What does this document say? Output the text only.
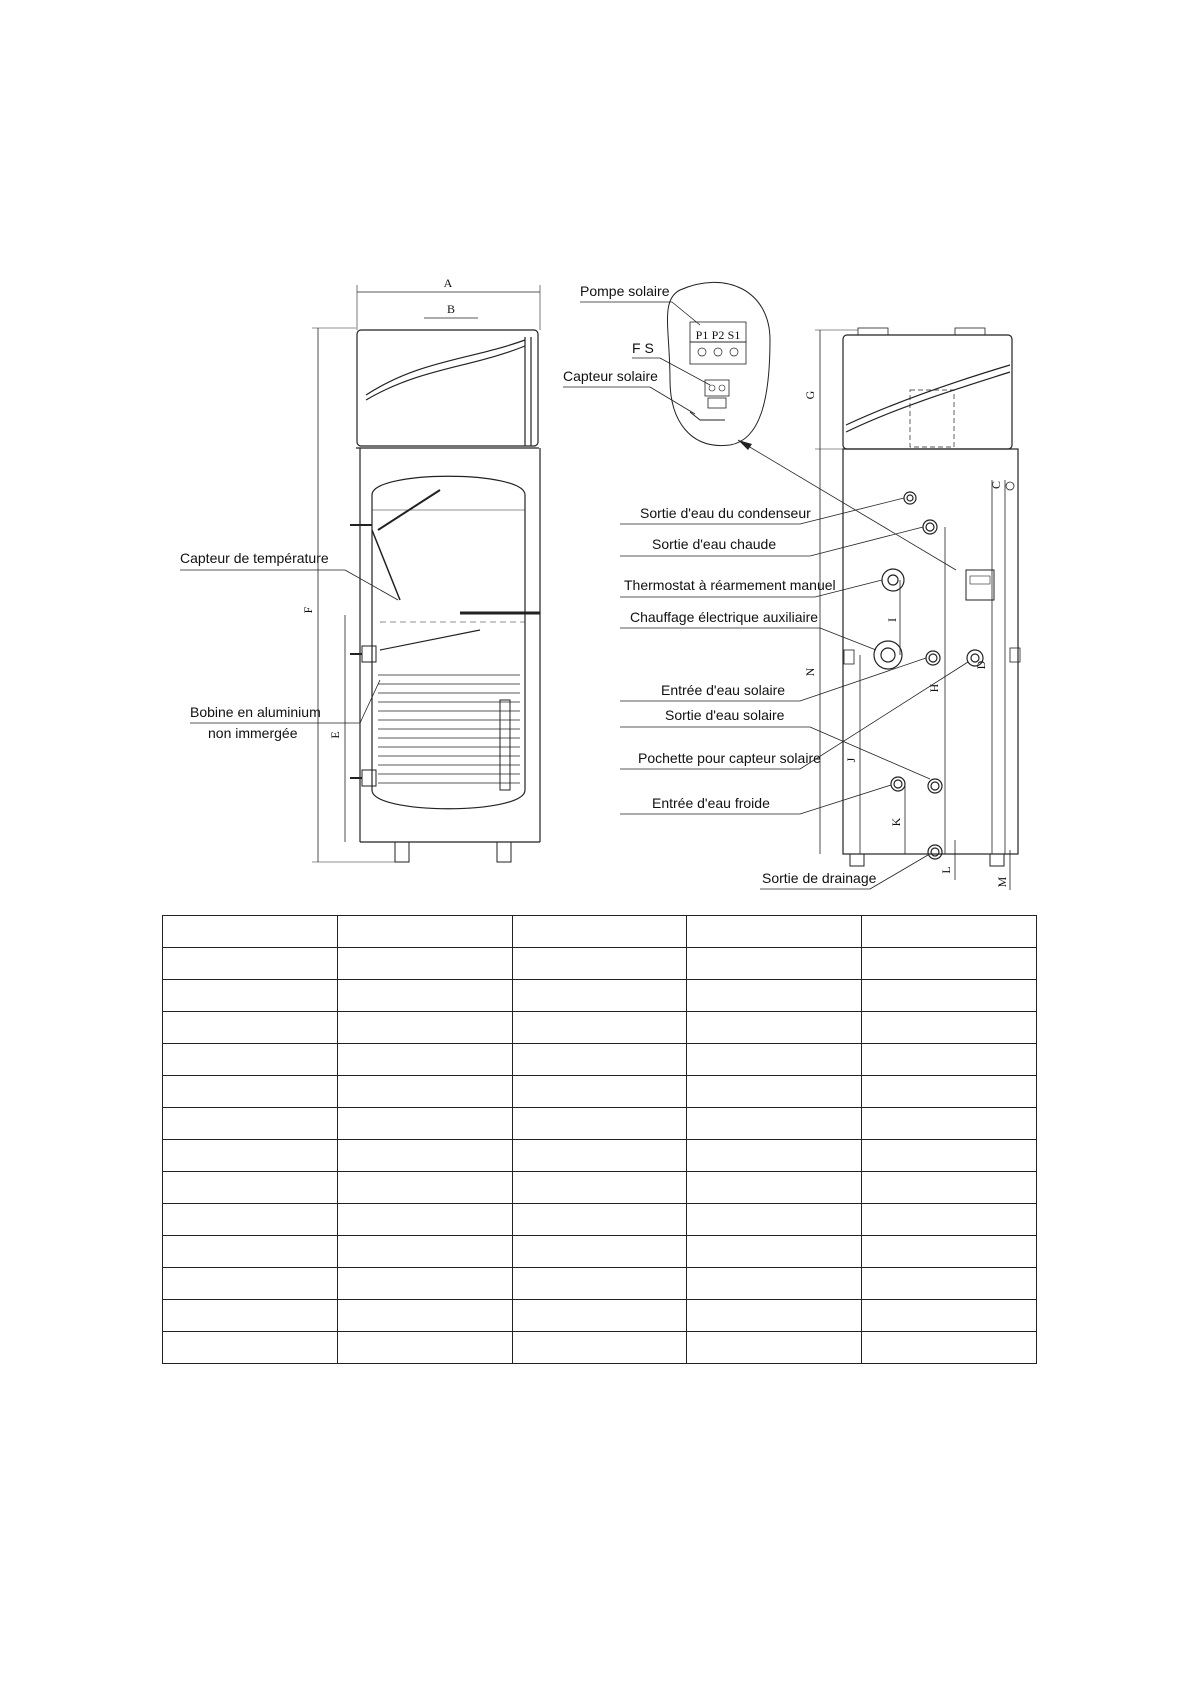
A
B
F
E
Capteur de température
Bobine en aluminium
non immergée
G
N
I
J
K
H
D
C
L
M
P1 P2 S1
Pompe solaire
F S
Capteur solaire
Sortie d'eau du condenseur
Sortie d'eau chaude
Thermostat à réarmement manuel
Chauffage électrique auxiliaire
Entrée d'eau solaire
Sortie d'eau solaire
Pochette pour capteur solaire
Entrée d'eau froide
Sortie de drainage
